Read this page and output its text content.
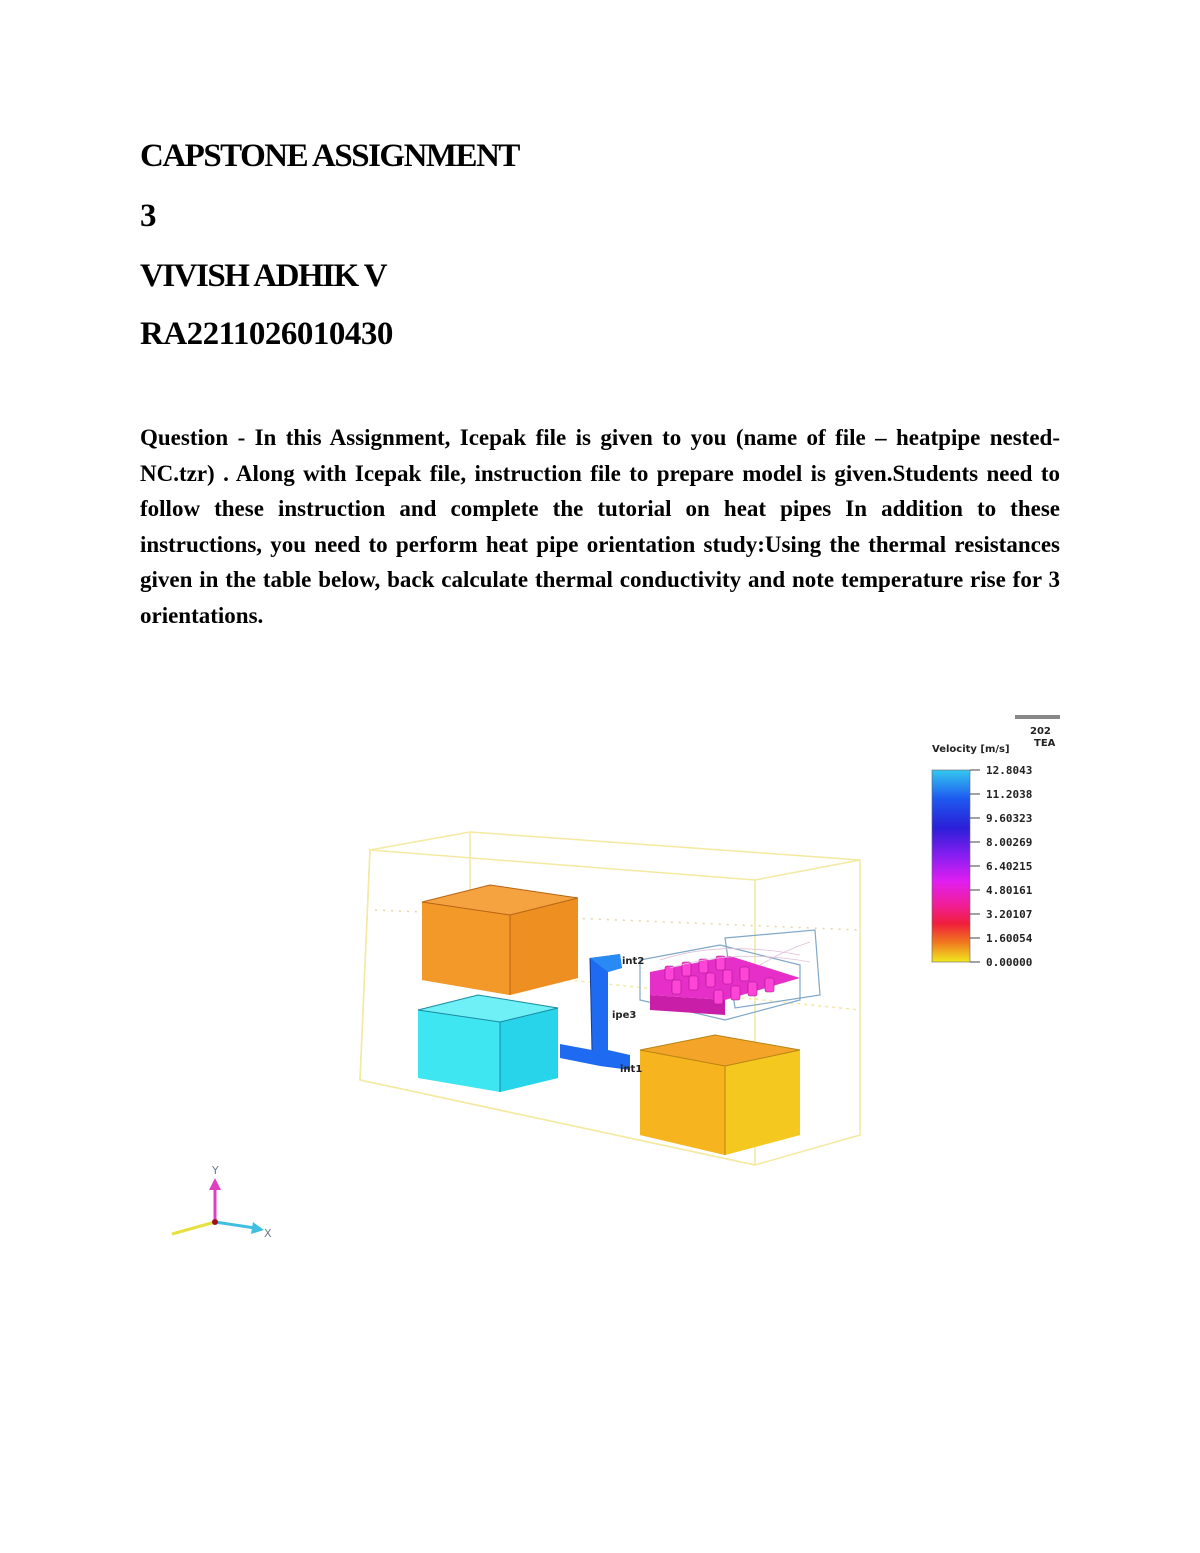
CAPSTONE ASSIGNMENT
3
VIVISH ADHIK V
RA2211026010430

Question - In this Assignment, Icepak file is given to you (name of file – heatpipe nested-NC.tzr) . Along with Icepak file, instruction file to prepare model is given.Students need to follow these instruction and complete the tutorial on heat pipes In addition to these instructions, you need to perform heat pipe orientation study:Using the thermal resistances given in the table below, back calculate thermal conductivity and note temperature rise for 3 orientations.

int2
ipe3
int1
202
TEA
Velocity [m/s]
12.8043
11.2038
9.60323
8.00269
6.40215
4.80161
3.20107
1.60054
0.00000
Y
X
